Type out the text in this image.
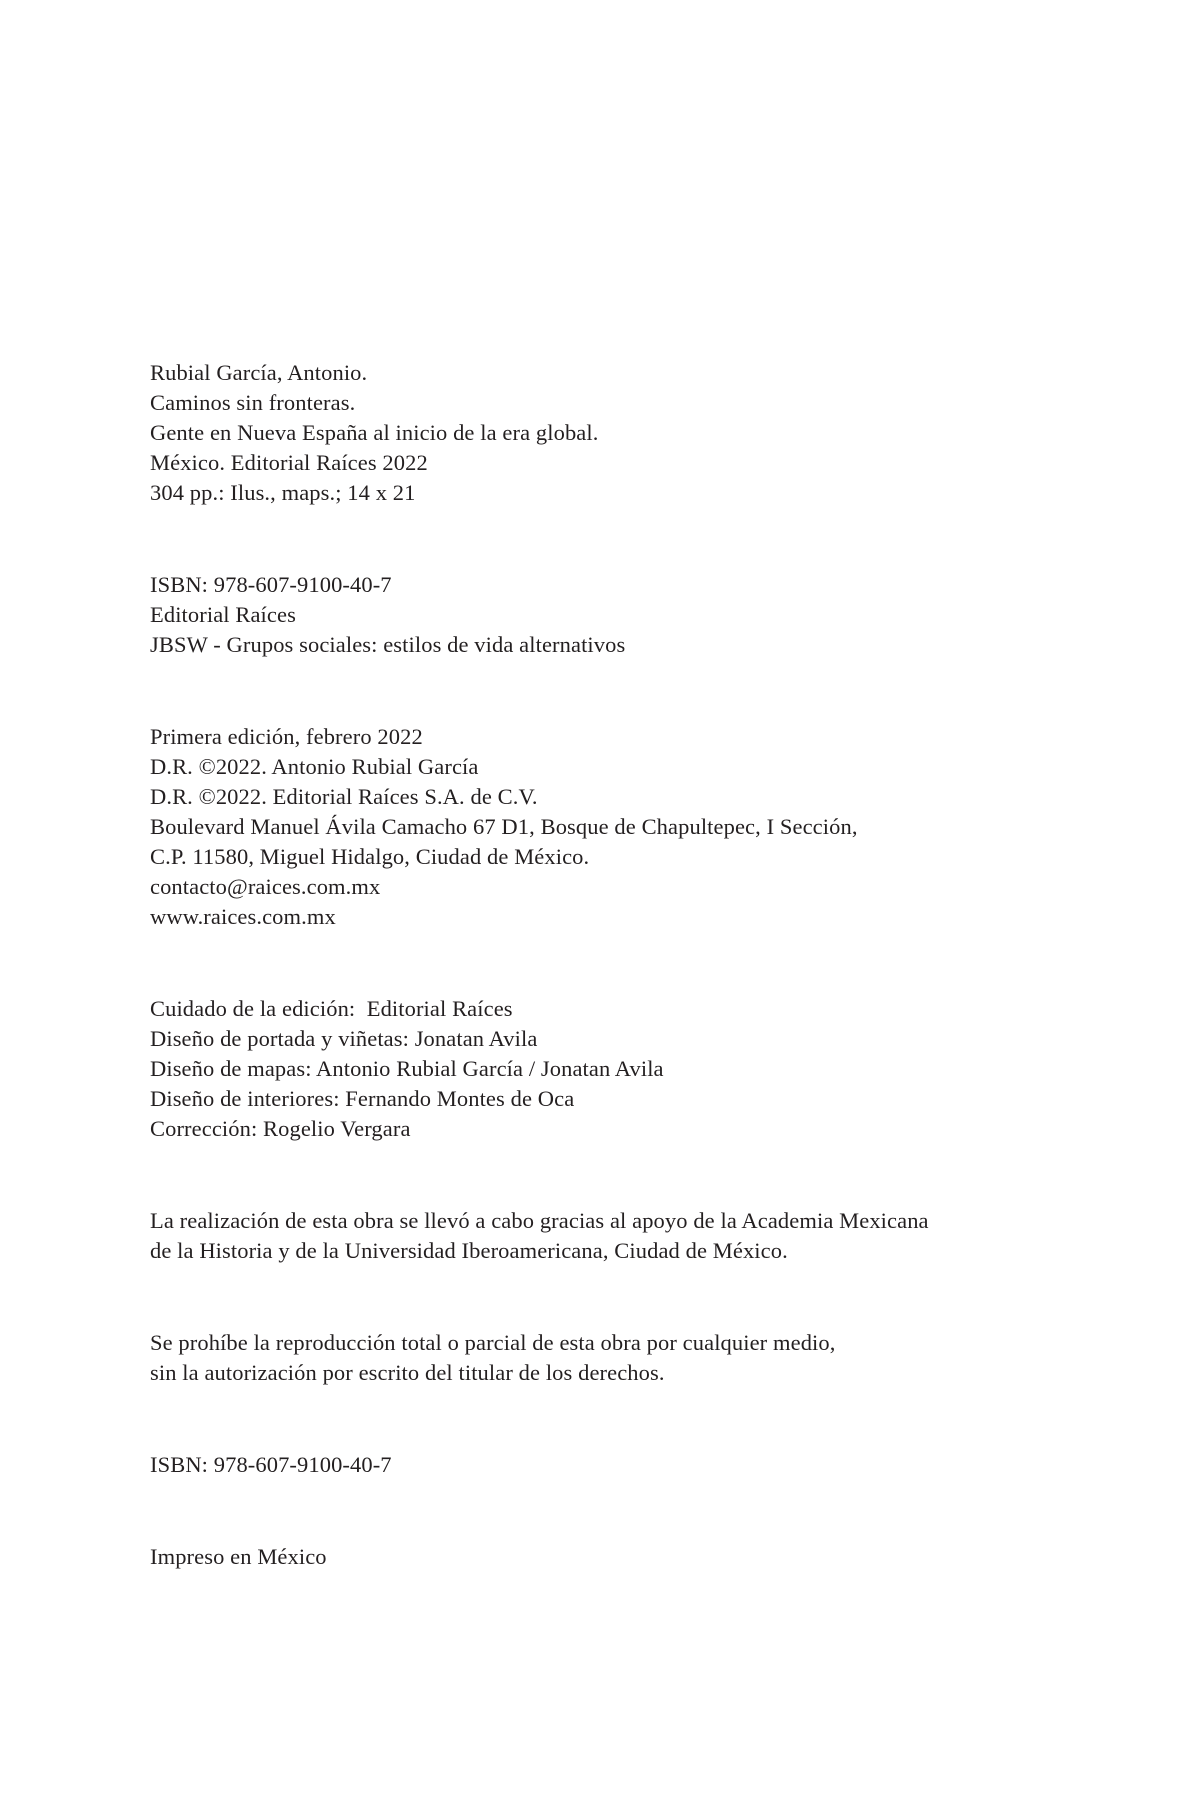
Rubial García, Antonio.
Caminos sin fronteras.
Gente en Nueva España al inicio de la era global.
México. Editorial Raíces 2022
304 pp.: Ilus., maps.; 14 x 21
ISBN: 978-607-9100-40-7
Editorial Raíces
JBSW - Grupos sociales: estilos de vida alternativos
Primera edición, febrero 2022
D.R. ©2022. Antonio Rubial García
D.R. ©2022. Editorial Raíces S.A. de C.V.
Boulevard Manuel Ávila Camacho 67 D1, Bosque de Chapultepec, I Sección,
C.P. 11580, Miguel Hidalgo, Ciudad de México.
contacto@raices.com.mx
www.raices.com.mx
Cuidado de la edición:  Editorial Raíces
Diseño de portada y viñetas: Jonatan Avila
Diseño de mapas: Antonio Rubial García / Jonatan Avila
Diseño de interiores: Fernando Montes de Oca
Corrección: Rogelio Vergara
La realización de esta obra se llevó a cabo gracias al apoyo de la Academia Mexicana
de la Historia y de la Universidad Iberoamericana, Ciudad de México.
Se prohíbe la reproducción total o parcial de esta obra por cualquier medio,
sin la autorización por escrito del titular de los derechos.
ISBN: 978-607-9100-40-7
Impreso en México
